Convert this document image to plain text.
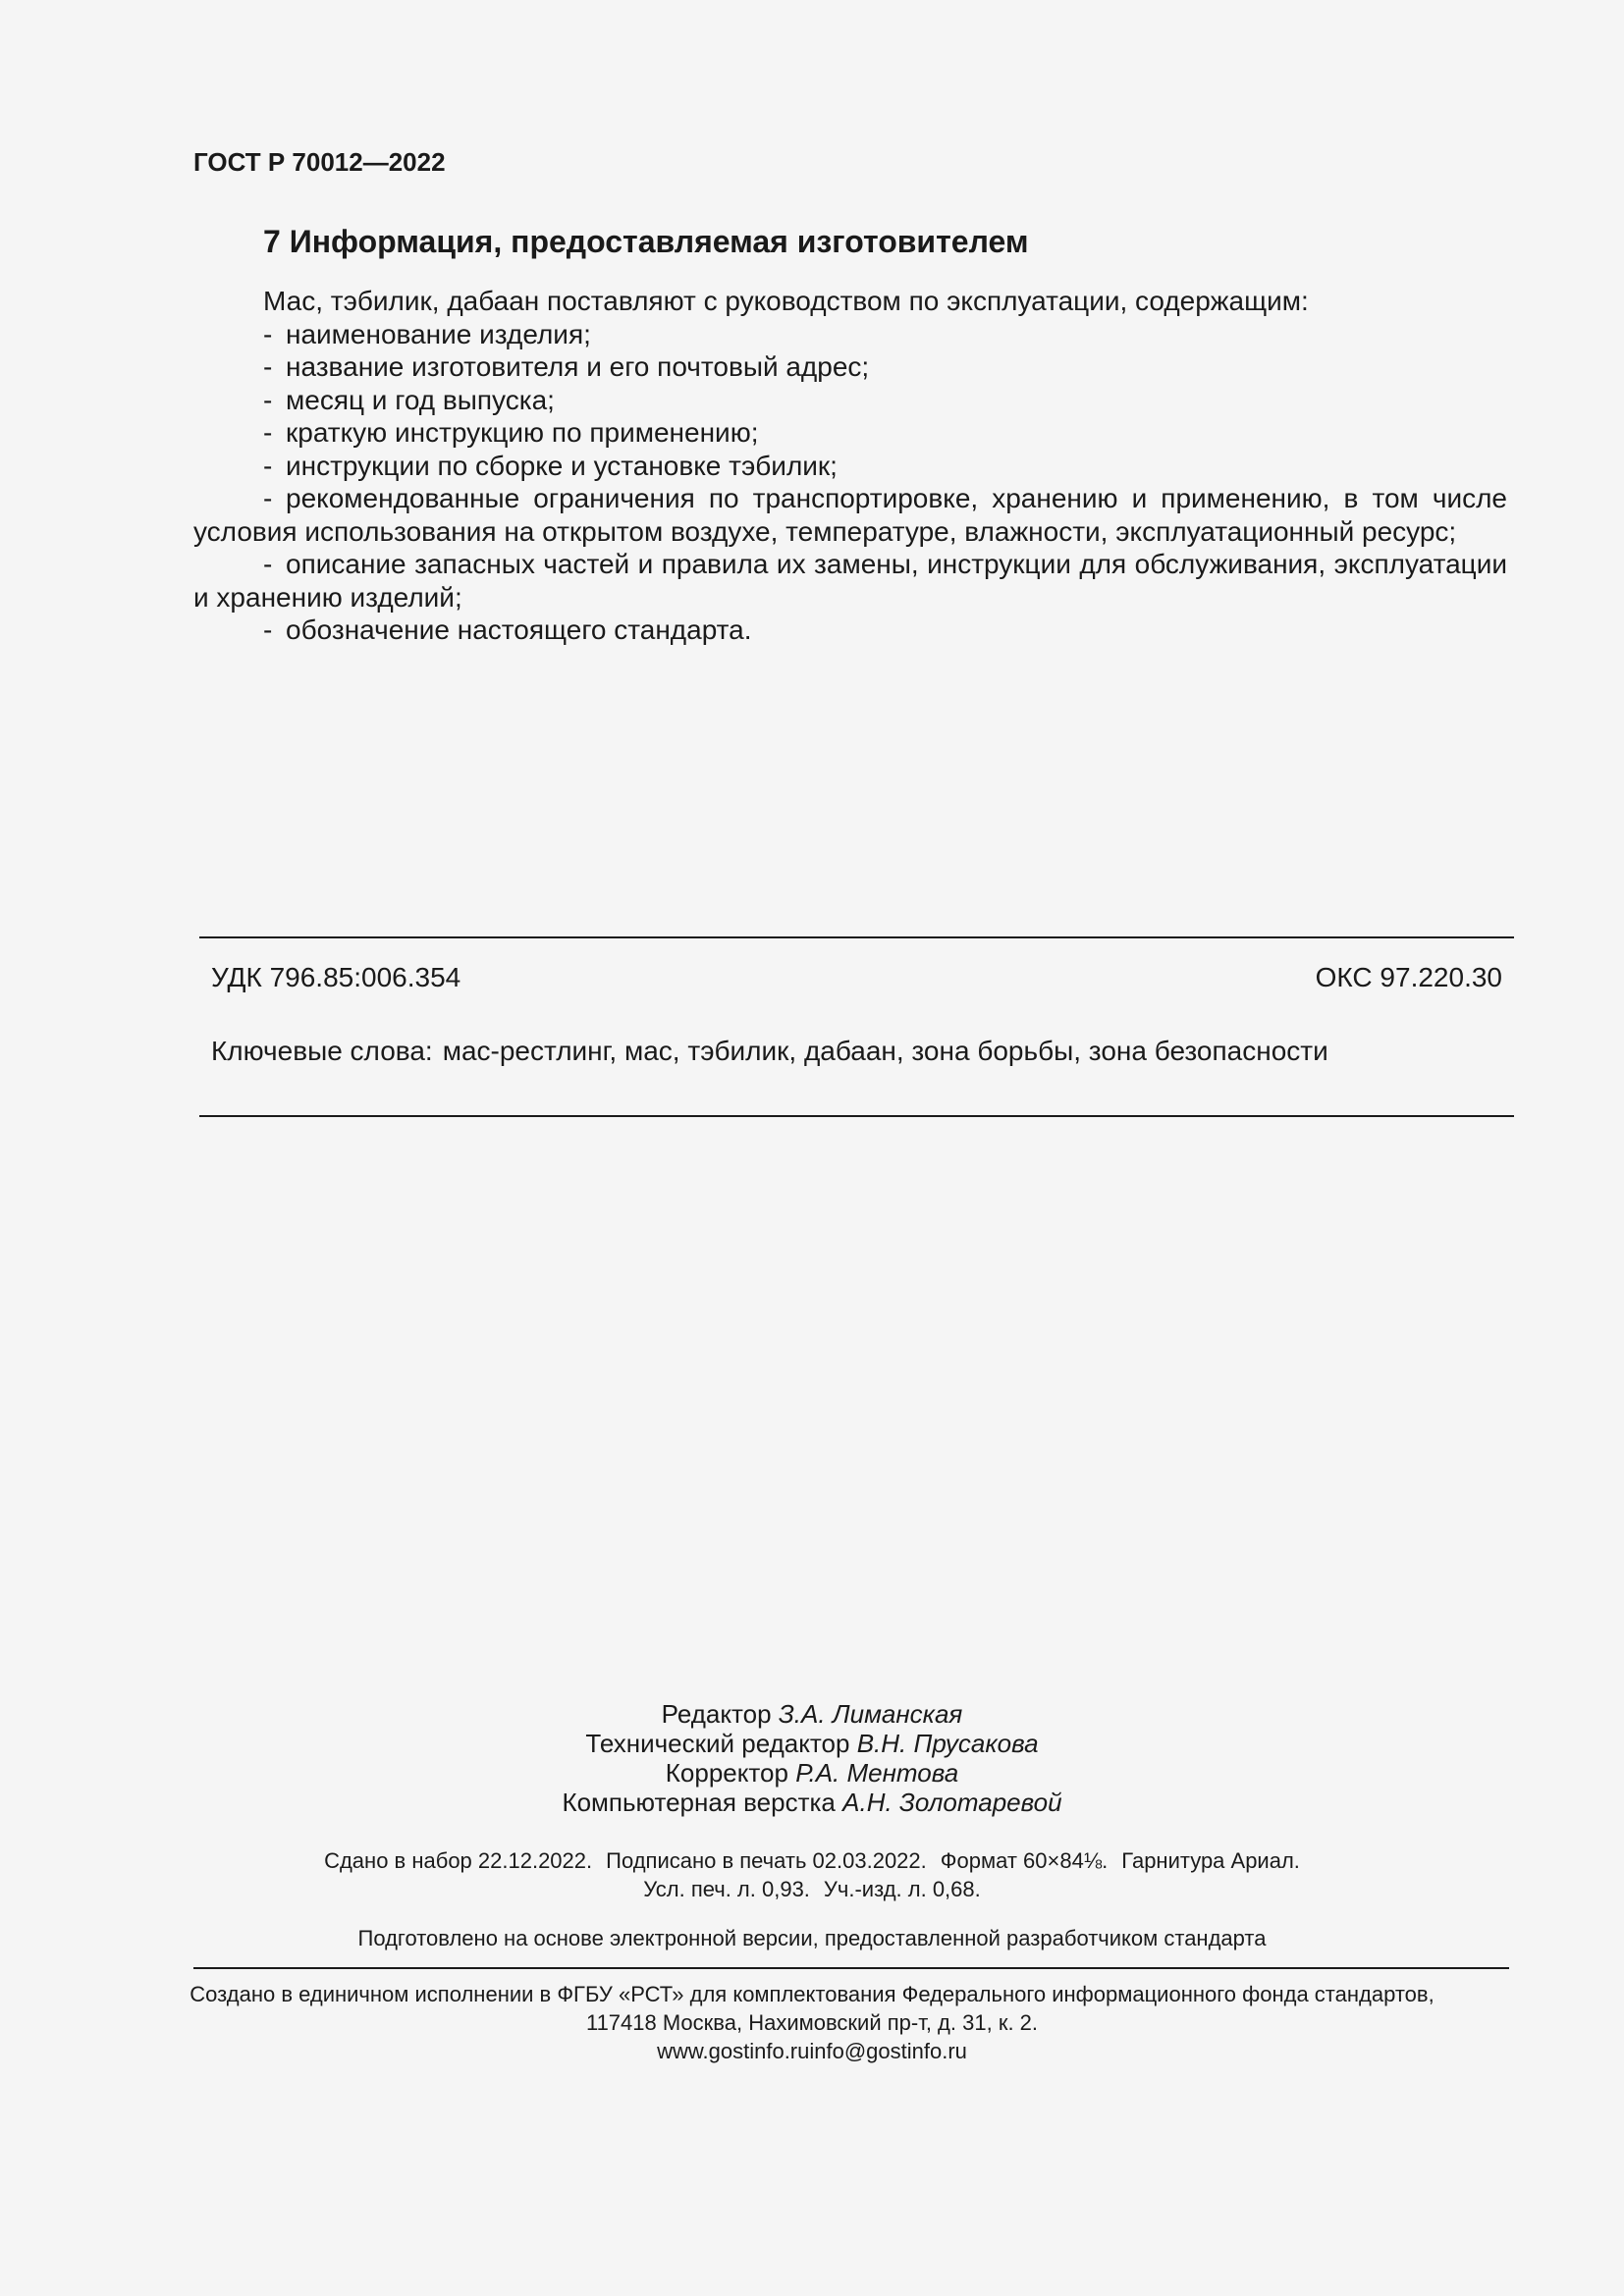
ГОСТ Р 70012—2022
7 Информация, предоставляемая изготовителем

Мас, тэбилик, дабаан поставляют с руководством по эксплуатации, содержащим:

- наименование изделия;

- название изготовителя и его почтовый адрес;

- месяц и год выпуска;

- краткую инструкцию по применению;

- инструкции по сборке и установке тэбилик;

- рекомендованные ограничения по транспортировке, хранению и применению, в том числе условия использования на открытом воздухе, температуре, влажности, эксплуатационный ресурс;

- описание запасных частей и правила их замены, инструкции для обслуживания, эксплуатации и хранению изделий;

- обозначение настоящего стандарта.

УДК 796.85:006.354	ОКС 97.220.30
Ключевые слова: мас-рестлинг, мас, тэбилик, дабаан, зона борьбы, зона безопасности
Редактор З.А. Лиманская
Технический редактор В.Н. Прусакова
Корректор Р.А. Ментова
Компьютерная верстка А.Н. Золотаревой
Сдано в набор 22.12.2022. Подписано в печать 02.03.2022. Формат 60×84⅛. Гарнитура Ариал.
Усл. печ. л. 0,93. Уч.-изд. л. 0,68.
Подготовлено на основе электронной версии, предоставленной разработчиком стандарта
Создано в единичном исполнении в ФГБУ «РСТ» для комплектования Федерального информационного фонда стандартов,
117418 Москва, Нахимовский пр-т, д. 31, к. 2.
www.gostinfo.ruinfo@gostinfo.ru
